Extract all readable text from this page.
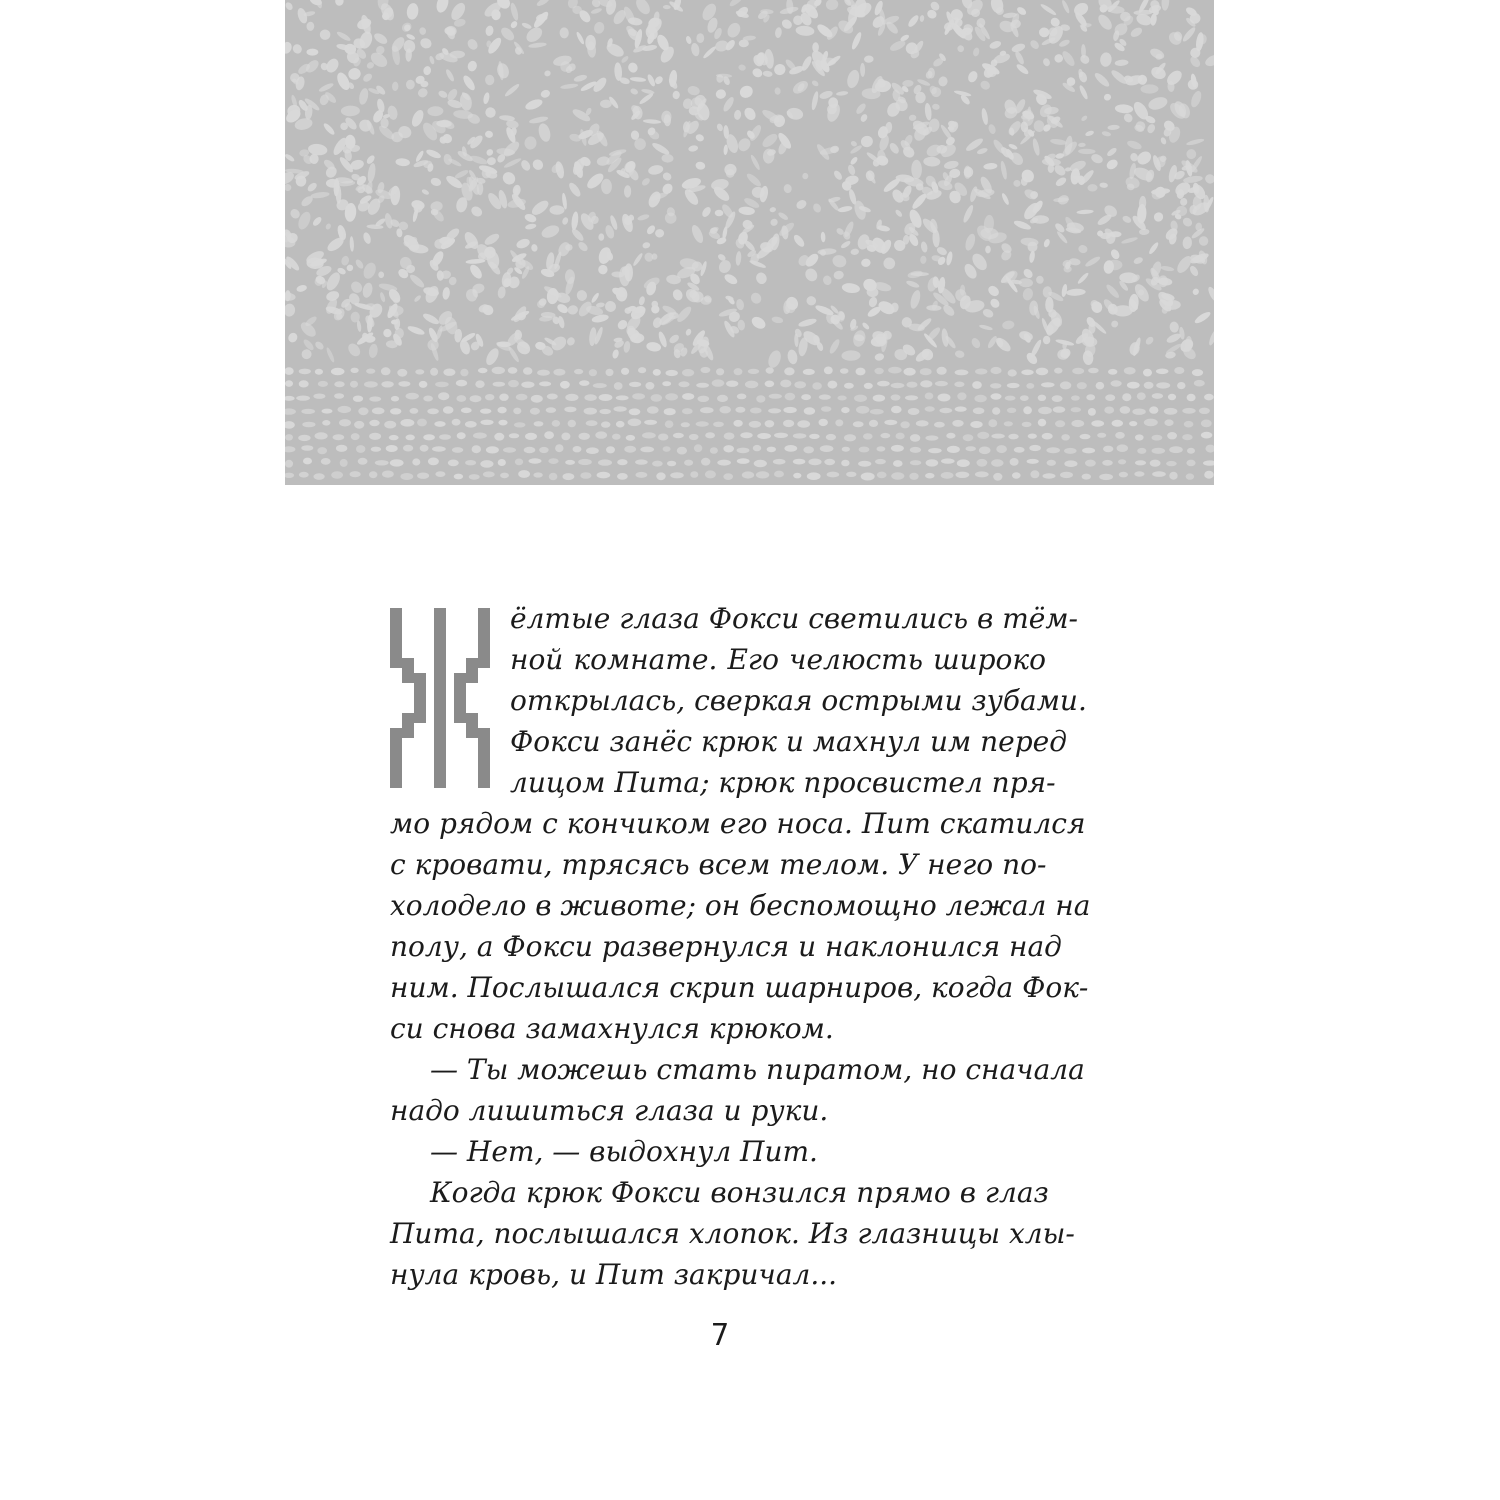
ёлтые глаза Фокси светились в тём-
ной комнате. Его челюсть широко
открылась, сверкая острыми зубами.
Фокси занёс крюк и махнул им перед
лицом Пита; крюк просвистел пря-
мо рядом с кончиком его носа. Пит скатился
с кровати, трясясь всем телом. У него по-
холодело в животе; он беспомощно лежал на
полу, а Фокси развернулся и наклонился над
ним. Послышался скрип шарниров, когда Фок-
си снова замахнулся крюком.
— Ты можешь стать пиратом, но сначала
надо лишиться глаза и руки.
— Нет, — выдохнул Пит.
Когда крюк Фокси вонзился прямо в глаз
Пита, послышался хлопок. Из глазницы хлы-
нула кровь, и Пит закричал...
7
